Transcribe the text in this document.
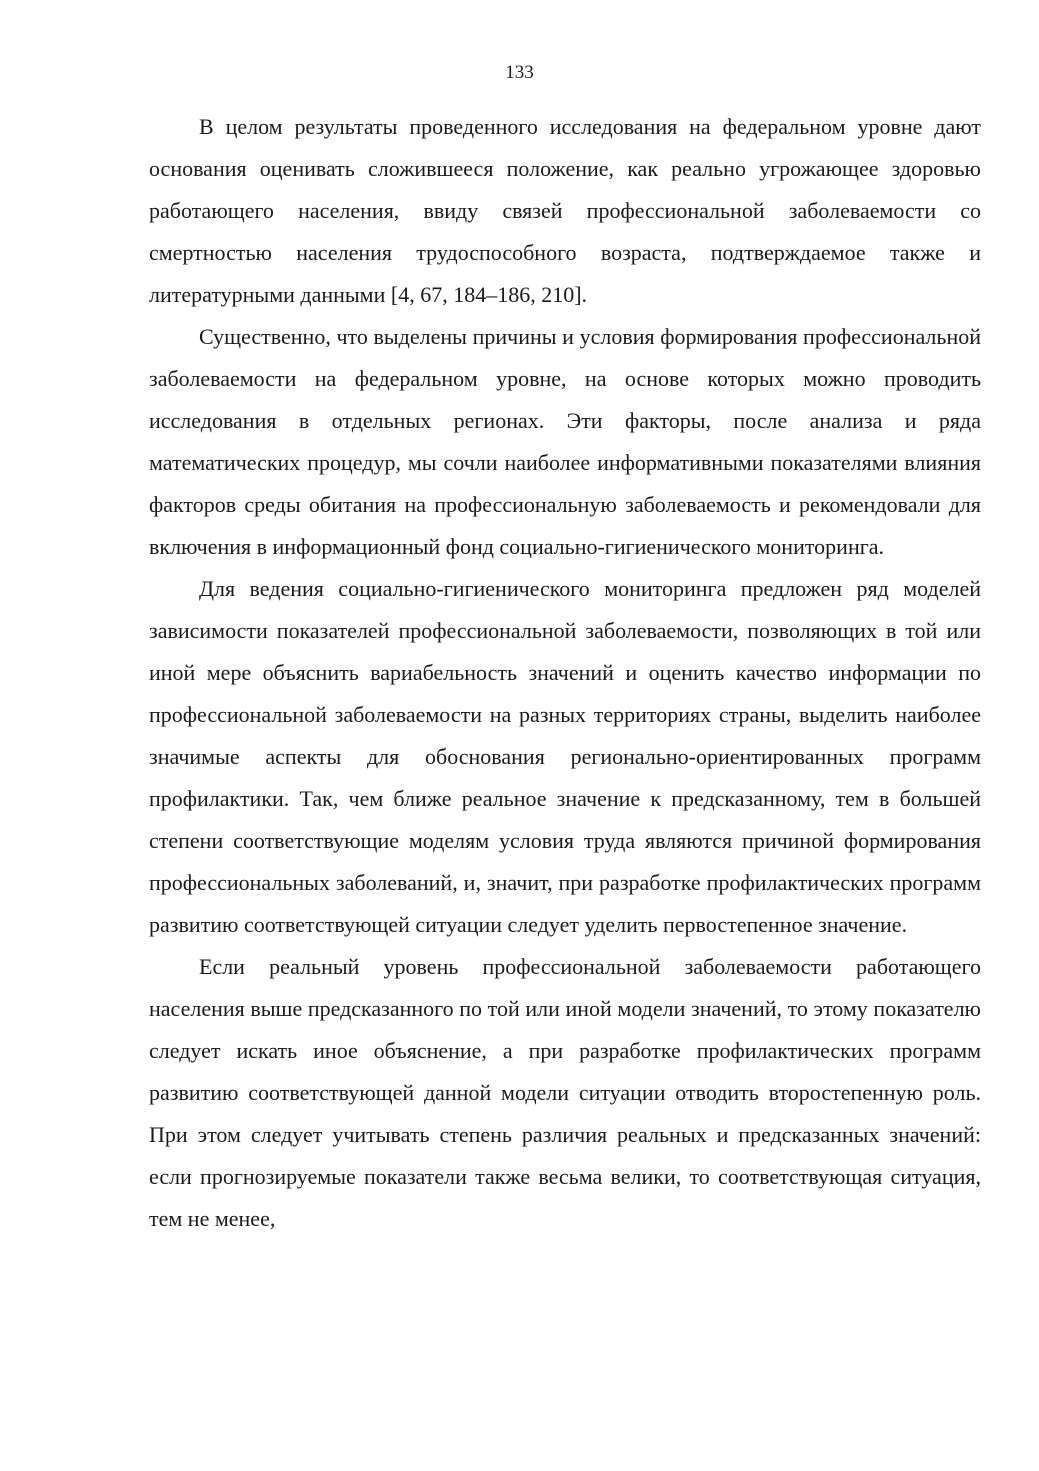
133

В целом результаты проведенного исследования на федеральном уровне дают основания оценивать сложившееся положение, как реально угрожающее здоровью работающего населения, ввиду связей профессиональной заболеваемости со смертностью населения трудоспособного возраста, подтверждаемое также и литературными данными [4, 67, 184–186, 210].

Существенно, что выделены причины и условия формирования профессиональной заболеваемости на федеральном уровне, на основе которых можно проводить исследования в отдельных регионах. Эти факторы, после анализа и ряда математических процедур, мы сочли наиболее информативными показателями влияния факторов среды обитания на профессиональную заболеваемость и рекомендовали для включения в информационный фонд социально-гигиенического мониторинга.

Для ведения социально-гигиенического мониторинга предложен ряд моделей зависимости показателей профессиональной заболеваемости, позволяющих в той или иной мере объяснить вариабельность значений и оценить качество информации по профессиональной заболеваемости на разных территориях страны, выделить наиболее значимые аспекты для обоснования регионально-ориентированных программ профилактики. Так, чем ближе реальное значение к предсказанному, тем в большей степени соответствующие моделям условия труда являются причиной формирования профессиональных заболеваний, и, значит, при разработке профилактических программ развитию соответствующей ситуации следует уделить первостепенное значение.

Если реальный уровень профессиональной заболеваемости работающего населения выше предсказанного по той или иной модели значений, то этому показателю следует искать иное объяснение, а при разработке профилактических программ развитию соответствующей данной модели ситуации отводить второстепенную роль. При этом следует учитывать степень различия реальных и предсказанных значений: если прогнозируемые показатели также весьма велики, то соответствующая ситуация, тем не менее,
